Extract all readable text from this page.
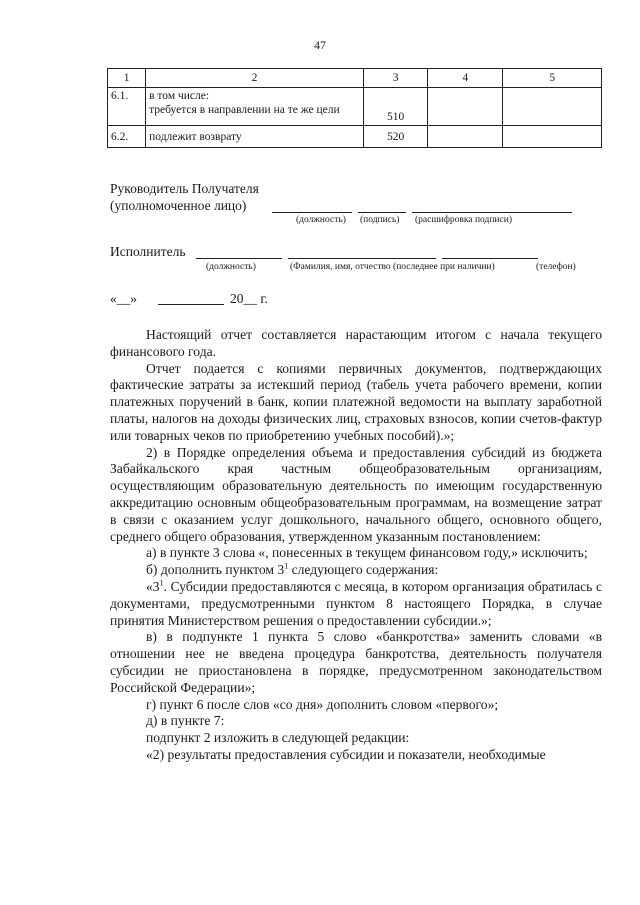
47
1	2	3	4	5
6.1.	в том числе:
требуется в направлении на те же цели	510		
6.2.	подлежит возврату	520		
Руководитель Получателя
(уполномоченное лицо)
(должность) (подпись) (расшифровка подписи)
Исполнитель
(должность)	(Фамилия, имя, отчество (последнее при наличии)	(телефон)
«__»	20__ г.

Настоящий отчет составляется нарастающим итогом с начала текущего финансового года.

Отчет подается с копиями первичных документов, подтверждающих фактические затраты за истекший период (табель учета рабочего времени, копии платежных поручений в банк, копии платежной ведомости на выплату заработной платы, налогов на доходы физических лиц, страховых взносов, копии счетов-фактур или товарных чеков по приобретению учебных пособий).»;

2) в Порядке определения объема и предоставления субсидий из бюджета Забайкальского края частным общеобразовательным организациям, осуществляющим образовательную деятельность по имеющим государственную аккредитацию основным общеобразовательным программам, на возмещение затрат в связи с оказанием услуг дошкольного, начального общего, основного общего, среднего общего образования, утвержденном указанным постановлением:

а) в пункте 3 слова «, понесенных в текущем финансовом году,» исключить;

б) дополнить пунктом $3^1$ следующего содержания:

«$3^1$. Субсидии предоставляются с месяца, в котором организация обратилась с документами, предусмотренными пунктом 8 настоящего Порядка, в случае принятия Министерством решения о предоставлении субсидии.»;

в) в подпункте 1 пункта 5 слово «банкротства» заменить словами «в отношении нее не введена процедура банкротства, деятельность получателя субсидии не приостановлена в порядке, предусмотренном законодательством Российской Федерации»;

г) пункт 6 после слов «со дня» дополнить словом «первого»;

д) в пункте 7:

подпункт 2 изложить в следующей редакции:

«2) результаты предоставления субсидии и показатели, необходимые
